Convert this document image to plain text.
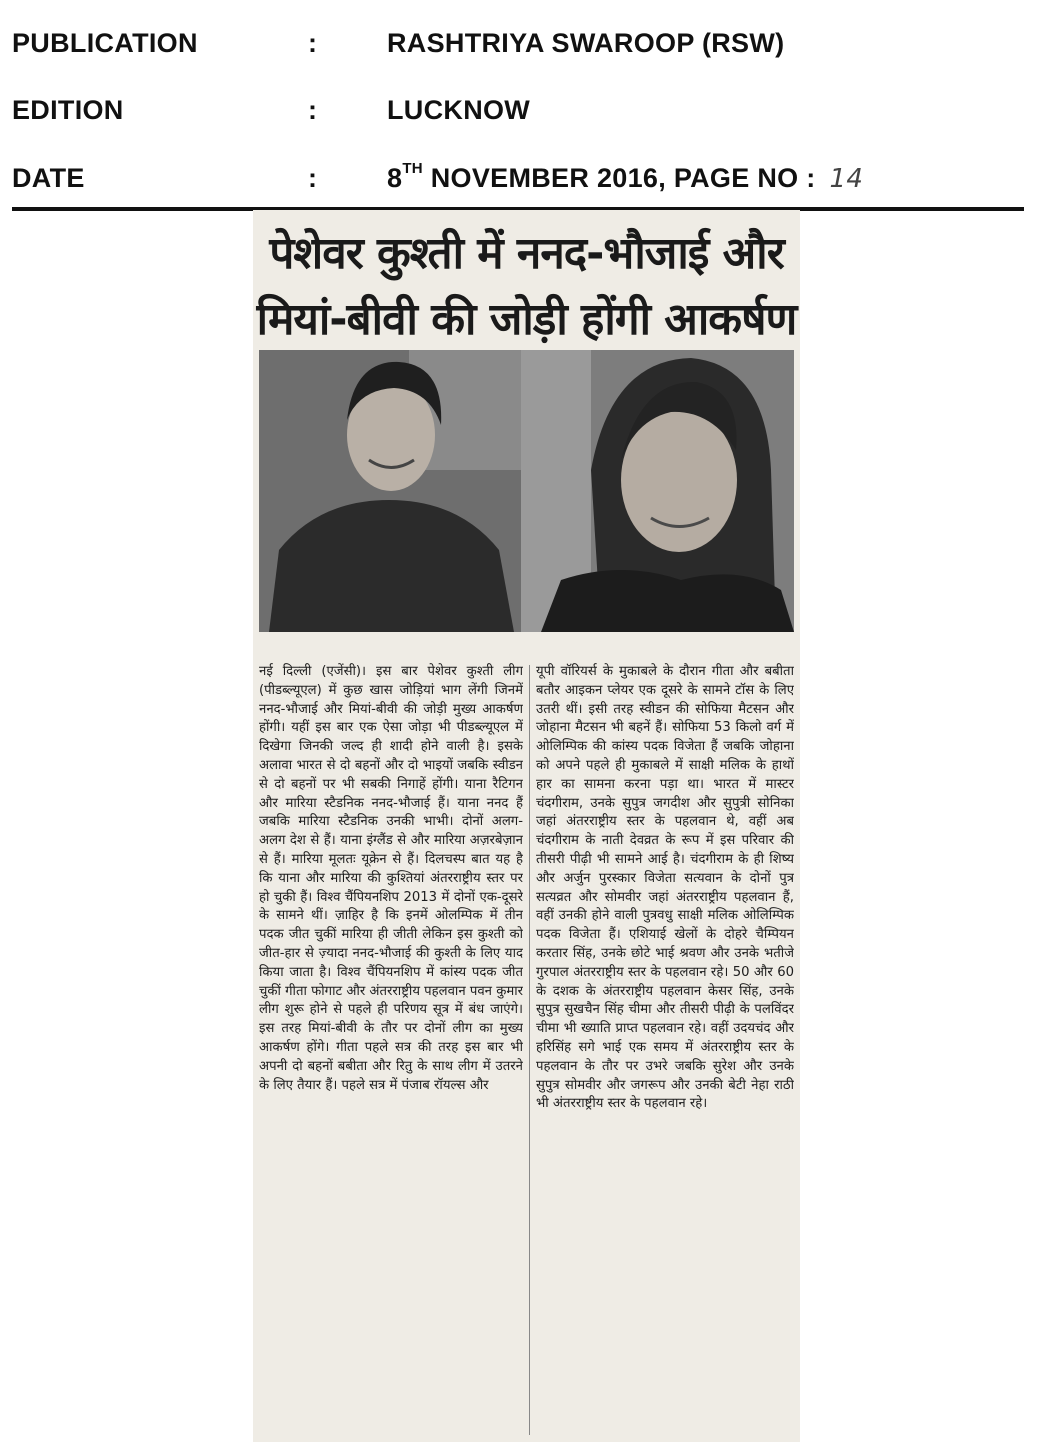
PUBLICATION	:	RASHTRIYA SWAROOP (RSW)
EDITION	:	LUCKNOW
DATE	:	8TH NOVEMBER 2016, PAGE NO : 14
पेशेवर कुश्ती में ननद-भौजाई और
मियां-बीवी की जोड़ी होंगी आकर्षण
नई दिल्ली (एजेंसी)। इस बार पेशेवर कुश्ती लीग (पीडब्ल्यूएल) में कुछ खास जोड़ियां भाग लेंगी जिनमें ननद-भौजाई और मियां-बीवी की जोड़ी मुख्य आकर्षण होंगी। यहीं इस बार एक ऐसा जोड़ा भी पीडब्ल्यूएल में दिखेगा जिनकी जल्द ही शादी होने वाली है। इसके अलावा भारत से दो बहनों और दो भाइयों जबकि स्वीडन से दो बहनों पर भी सबकी निगाहें होंगी। याना रैटिगन और मारिया स्टैडनिक ननद-भौजाई हैं। याना ननद हैं जबकि मारिया स्टैडनिक उनकी भाभी। दोनों अलग-अलग देश से हैं। याना इंग्लैंड से और मारिया अज़रबेज़ान से हैं। मारिया मूलतः यूक्रेन से हैं। दिलचस्प बात यह है कि याना और मारिया की कुश्तियां अंतरराष्ट्रीय स्तर पर हो चुकी हैं। विश्व चैंपियनशिप 2013 में दोनों एक-दूसरे के सामने थीं। ज़ाहिर है कि इनमें ओलम्पिक में तीन पदक जीत चुकीं मारिया ही जीती लेकिन इस कुश्ती को जीत-हार से ज़्यादा ननद-भौजाई की कुश्ती के लिए याद किया जाता है। विश्व चैंपियनशिप में कांस्य पदक जीत चुकीं गीता फोगाट और अंतरराष्ट्रीय पहलवान पवन कुमार लीग शुरू होने से पहले ही परिणय सूत्र में बंध जाएंगे। इस तरह मियां-बीवी के तौर पर दोनों लीग का मुख्य आकर्षण होंगे। गीता पहले सत्र की तरह इस बार भी अपनी दो बहनों बबीता और रितु के साथ लीग में उतरने के लिए तैयार हैं। पहले सत्र में पंजाब रॉयल्स और
यूपी वॉरियर्स के मुकाबले के दौरान गीता और बबीता बतौर आइकन प्लेयर एक दूसरे के सामने टॉस के लिए उतरी थीं। इसी तरह स्वीडन की सोफिया मैटसन और जोहाना मैटसन भी बहनें हैं। सोफिया 53 किलो वर्ग में ओलिम्पिक की कांस्य पदक विजेता हैं जबकि जोहाना को अपने पहले ही मुकाबले में साक्षी मलिक के हाथों हार का सामना करना पड़ा था। भारत में मास्टर चंदगीराम, उनके सुपुत्र जगदीश और सुपुत्री सोनिका जहां अंतरराष्ट्रीय स्तर के पहलवान थे, वहीं अब चंदगीराम के नाती देवव्रत के रूप में इस परिवार की तीसरी पीढ़ी भी सामने आई है। चंदगीराम के ही शिष्य और अर्जुन पुरस्कार विजेता सत्यवान के दोनों पुत्र सत्यव्रत और सोमवीर जहां अंतरराष्ट्रीय पहलवान हैं, वहीं उनकी होने वाली पुत्रवधु साक्षी मलिक ओलिम्पिक पदक विजेता हैं। एशियाई खेलों के दोहरे चैम्पियन करतार सिंह, उनके छोटे भाई श्रवण और उनके भतीजे गुरपाल अंतरराष्ट्रीय स्तर के पहलवान रहे। 50 और 60 के दशक के अंतरराष्ट्रीय पहलवान केसर सिंह, उनके सुपुत्र सुखचैन सिंह चीमा और तीसरी पीढ़ी के पलविंदर चीमा भी ख्याति प्राप्त पहलवान रहे। वहीं उदयचंद और हरिसिंह सगे भाई एक समय में अंतरराष्ट्रीय स्तर के पहलवान के तौर पर उभरे जबकि सुरेश और उनके सुपुत्र सोमवीर और जगरूप और उनकी बेटी नेहा राठी भी अंतरराष्ट्रीय स्तर के पहलवान रहे।
